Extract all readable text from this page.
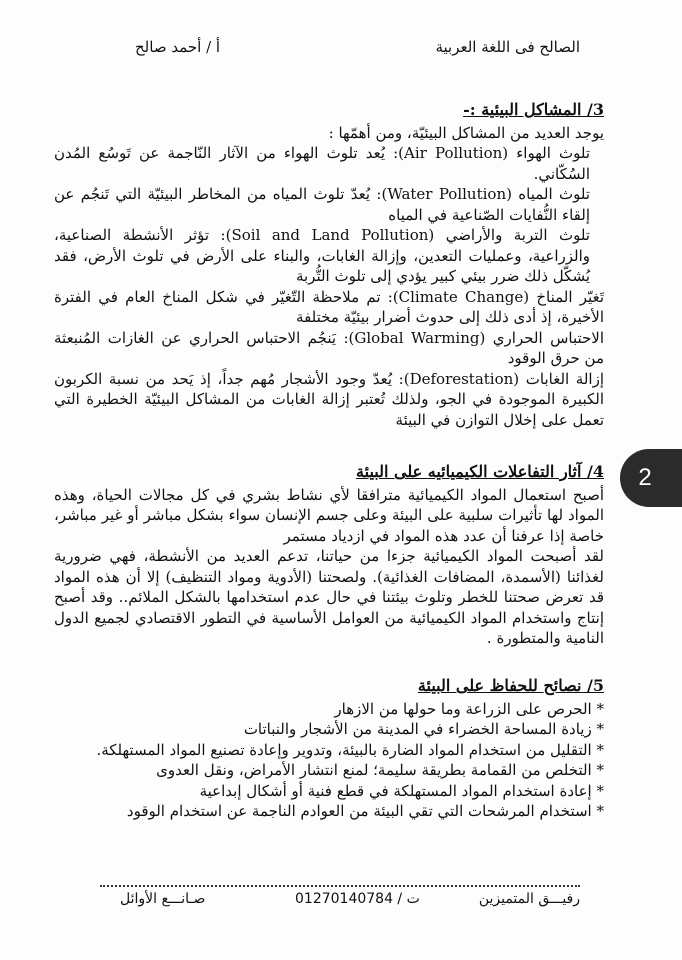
الصالح فى اللغة العربية
أ / أحمد صالح

3/ المشاكل البيئية :-

يوجد العديد من المشاكل البيئيّة، ومن أهمّها :

تلوث الهواء (Air Pollution): يُعد تلوث الهواء من الآثار النّاجمة عن تَوسُع المُدن السُكّاني.

تلوث المياه (Water Pollution): يُعدّ تلوث المياه من المخاطر البيئيّة التي تَنجُم عن إلقاء النُّفايات الصّناعية في المياه

تلوث التربة والأراضي (Soil and Land Pollution): تؤثر الأنشطة الصناعية، والزراعية، وعمليات التعدين، وإزالة الغابات، والبناء على الأرض في تلوث الأرض، فقد يُشكّل ذلك ضرر بيئي كبير يؤدي إلى تلوث التُّربة

تَغيّر المناخ (Climate Change): تم ملاحظة التّغيّر في شكل المناخ العام في الفترة الأخيرة، إذ أدى ذلك إلى حدوث أضرار بيئيّة مختلفة

الاحتباس الحراري (Global Warming): يَنجُم الاحتباس الحراري عن الغازات المُنبعثة من حرق الوقود

إزالة الغابات (Deforestation): يُعدّ وجود الأشجار مُهم جداً، إذ يَحد من نسبة الكربون الكبيرة الموجودة في الجو، ولذلك تُعتبر إزالة الغابات من المشاكل البيئيّة الخطيرة التي تعمل على إخلال التوازن في البيئة

2

4/ آثار التفاعلات الكيميائيه على البيئة

أصبح استعمال المواد الكيميائية مترافقا لأي نشاط بشري في كل مجالات الحياة، وهذه المواد لها تأثيرات سلبية على البيئة وعلى جسم الإنسان سواء بشكل مباشر أو غير مباشر، خاصة إذا عرفنا أن عدد هذه المواد في ازدياد مستمر

لقد أصبحت المواد الكيميائية جزءا من حياتنا، تدعم العديد من الأنشطة، فهي ضرورية لغذائنا (الأسمدة، المضافات الغذائية). ولصحتنا (الأدوية ومواد التنظيف) إلا أن هذه المواد قد تعرض صحتنا للخطر وتلوث بيئتنا في حال عدم استخدامها بالشكل الملائم.. وقد أصبح إنتاج واستخدام المواد الكيميائية من العوامل الأساسية في التطور الاقتصادي لجميع الدول النامية والمتطورة .

5/ نصائح للحفاظ على البيئة

* الحرص على الزراعة وما حولها من الازهار

* زيادة المساحة الخضراء في المدينة من الأشجار والنباتات

* التقليل من استخدام المواد الضارة بالبيئة، وتدوير وإعادة تصنيع المواد المستهلكة.

* التخلص من القمامة بطريقة سليمة؛ لمنع انتشار الأمراض، ونقل العدوى

* إعادة استخدام المواد المستهلكة في قطع فنية أو أشكال إبداعية

* استخدام المرشحات التي تقي البيئة من العوادم الناجمة عن استخدام الوقود

رفيـــق المتميزين
ت / 01270140784
صـانـــع الأوائل
